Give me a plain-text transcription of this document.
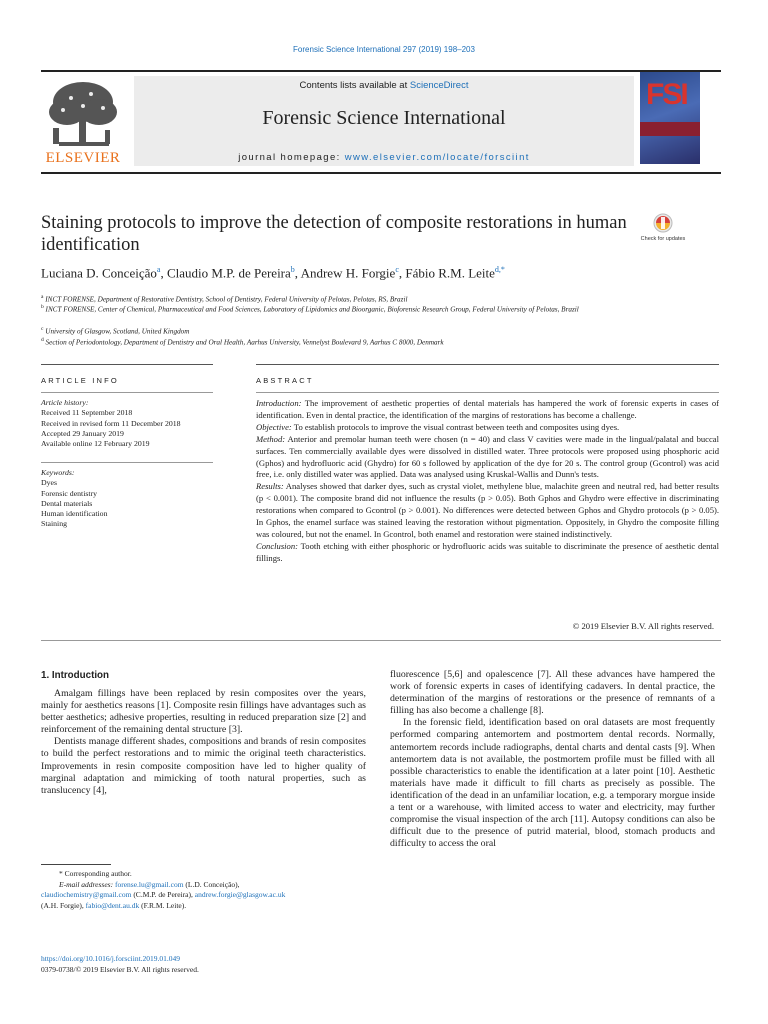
Forensic Science International 297 (2019) 198–203
ELSEVIER
Contents lists available at ScienceDirect
Forensic Science International
journal homepage: www.elsevier.com/locate/forsciint
FSI
Staining protocols to improve the detection of composite restorations in human identification	Check for updates
Luciana D. Conceição$^a$, Claudio M.P. de Pereira$^b$, Andrew H. Forgie$^c$, Fábio R.M. Leite$^{d,*}$
$^a$ INCT FORENSE, Department of Restorative Dentistry, School of Dentistry, Federal University of Pelotas, Pelotas, RS, Brazil
$^b$ INCT FORENSE, Center of Chemical, Pharmaceutical and Food Sciences, Laboratory of Lipidomics and Bioorganic, Bioforensic Research Group, Federal University of Pelotas, Brazil
$^c$ University of Glasgow, Scotland, United Kingdom
$^d$ Section of Periodontology, Department of Dentistry and Oral Health, Aarhus University, Vennelyst Boulevard 9, Aarhus C 8000, Denmark
ARTICLE INFO	ABSTRACT
Article history:
Received 11 September 2018
Received in revised form 11 December 2018
Accepted 29 January 2019
Available online 12 February 2019
Keywords:
Dyes
Forensic dentistry
Dental materials
Human identification
Staining

Introduction: The improvement of aesthetic properties of dental materials has hampered the work of forensic experts in cases of identification. Even in dental practice, the identification of the margins of restorations has become a challenge.

Objective: To establish protocols to improve the visual contrast between teeth and composites using dyes.

Method: Anterior and premolar human teeth were chosen (n = 40) and class V cavities were made in the lingual/palatal and buccal surfaces. Ten commercially available dyes were dissolved in distilled water. Three protocols were proposed using phosphoric acid (Gphos) and hydrofluoric acid (Ghydro) for 60 s followed by application of the dye for 20 s. The control group (Gcontrol) was acid free, i.e. only distilled water was applied. Data was analysed using Kruskal-Wallis and Dunn's tests.

Results: Analyses showed that darker dyes, such as crystal violet, methylene blue, malachite green and neutral red, had better results (p < 0.001). The composite brand did not influence the results (p > 0.05). Both Gphos and Ghydro were effective in discriminating restorations when compared to Gcontrol (p > 0.001). No differences were detected between Gphos and Ghydro protocols (p > 0.05). In Gphos, the enamel surface was stained leaving the restoration without pigmentation. Oppositely, in Ghydro the composite filling was coloured, but not the enamel. In Gcontrol, both enamel and restoration were stained indistinctively.

Conclusion: Tooth etching with either phosphoric or hydrofluoric acids was suitable to discriminate the presence of aesthetic dental fillings.

© 2019 Elsevier B.V. All rights reserved.
1. Introduction

Amalgam fillings have been replaced by resin composites over the years, mainly for aesthetics reasons [1]. Composite resin fillings have advantages such as better aesthetics; adhesive properties, resulting in reduced preparation size [2] and reinforcement of the remaining dental structure [3].

Dentists manage different shades, compositions and brands of resin composites to build the perfect restorations and to mimic the original teeth characteristics. Improvements in resin composite composition have led to higher quality of marginal adaptation and mimicking of tooth natural properties, such as translucency [4],

fluorescence [5,6] and opalescence [7]. All these advances have hampered the work of forensic experts in cases of identifying cadavers. In dental practice, the determination of the margins of restorations or the presence of remnants of a filling has also become a challenge [8].

In the forensic field, identification based on oral datasets are most frequently performed comparing antemortem and postmortem dental records. Normally, antemortem records include radiographs, dental charts and dental casts [9]. When antemortem data is not available, the postmortem profile must be filled with all possible characteristics to enable the identification at a later point [10]. Aesthetic materials have made it difficult to fill charts as precisely as possible. The identification of the dead in an unfamiliar location, e.g. a temporary morgue inside a tent or a warehouse, with limited access to water and electricity, may further compromise the visual inspection of the arch [11]. Autopsy conditions can also be difficult due to the presence of putrid material, blood, stomach products and difficulty to access the oral

* Corresponding author.
E-mail addresses: forense.lu@gmail.com (L.D. Conceição),
claudiochemistry@gmail.com (C.M.P. de Pereira), andrew.forgie@glasgow.ac.uk
(A.H. Forgie), fabio@dent.au.dk (F.R.M. Leite).
https://doi.org/10.1016/j.forsciint.2019.01.049
0379-0738/© 2019 Elsevier B.V. All rights reserved.
